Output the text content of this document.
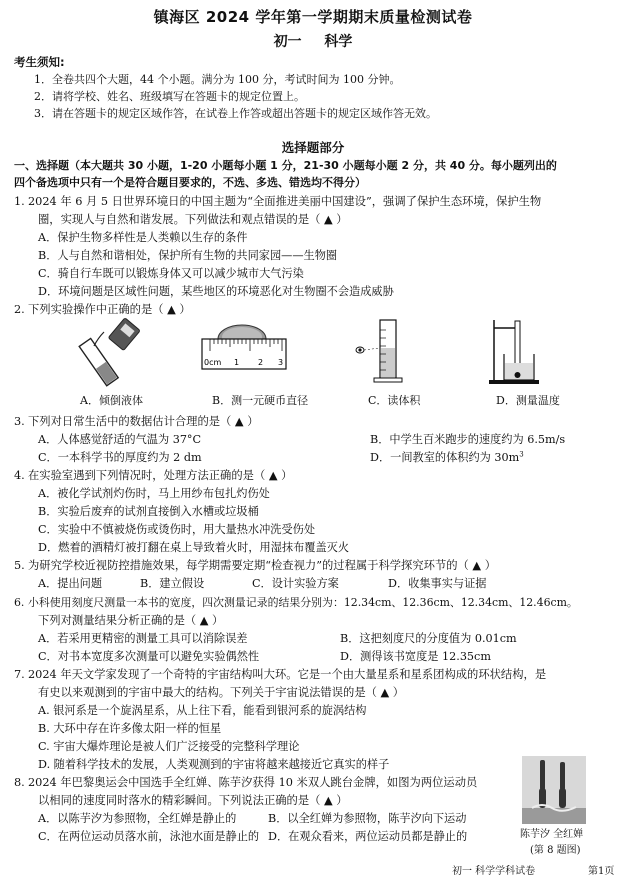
镇海区 2024 学年第一学期期末质量检测试卷
初一 科学
考生须知:
1．全卷共四个大题，44 个小题。满分为 100 分，考试时间为 100 分钟。
2．请将学校、姓名、班级填写在答题卡的规定位置上。
3．请在答题卡的规定区域作答，在试卷上作答或超出答题卡的规定区域作答无效。
选择题部分
一、选择题（本大题共 30 小题，1-20 小题每小题 1 分，21-30 小题每小题 2 分，共 40 分。每小题列出的
四个备选项中只有一个是符合题目要求的，不选、多选、错选均不得分）
1. 2024 年 6 月 5 日世界环境日的中国主题为“全面推进美丽中国建设”，强调了保护生态环境，保护生物
圈，实现人与自然和谐发展。下列做法和观点错误的是（ ▲ ）
A．保护生物多样性是人类赖以生存的条件
B．人与自然和谐相处，保护所有生物的共同家园——生物圈
C．骑自行车既可以锻炼身体又可以减少城市大气污染
D．环境问题是区域性问题，某些地区的环境恶化对生物圈不会造成威胁
2. 下列实验操作中正确的是（ ▲ ）
A．倾倒液体
0cm 1 2 3
B．测一元硬币直径	C．读体积	D．测量温度
3. 下列对日常生活中的数据估计合理的是（ ▲ ）
A．人体感觉舒适的气温为 37°C	B．中学生百米跑步的速度约为 6.5m/s
C．一本科学书的厚度约为 2 dm	D．一间教室的体积约为 $30m^3$
4. 在实验室遇到下列情况时，处理方法正确的是（ ▲ ）
A．被化学试剂灼伤时，马上用纱布包扎灼伤处
B．实验后废弃的试剂直接倒入水槽或垃圾桶
C．实验中不慎被烧伤或烫伤时，用大量热水冲洗受伤处
D．燃着的酒精灯被打翻在桌上导致着火时，用湿抹布覆盖灭火
5. 为研究学校近视防控措施效果，每学期需要定期“检查视力”的过程属于科学探究环节的（ ▲ ）
A．提出问题	B．建立假设	C．设计实验方案	D．收集事实与证据
6. 小科使用刻度尺测量一本书的宽度，四次测量记录的结果分别为：12.34cm、12.36cm、12.34cm、12.46cm。
下列对测量结果分析正确的是（ ▲ ）
A．若采用更精密的测量工具可以消除误差	B．这把刻度尺的分度值为 0.01cm
C．对书本宽度多次测量可以避免实验偶然性	D．测得该书宽度是 12.35cm
7. 2024 年天文学家发现了一个奇特的宇宙结构叫大环。它是一个由大量星系和星系团构成的环状结构，是
有史以来观测到的宇宙中最大的结构。下列关于宇宙说法错误的是（ ▲ ）
A. 银河系是一个旋涡星系，从上往下看，能看到银河系的旋涡结构
B. 大环中存在许多像太阳一样的恒星
C. 宇宙大爆炸理论是被人们广泛接受的完整科学理论
D. 随着科学技术的发展，人类观测到的宇宙将越来越接近它真实的样子
8. 2024 年巴黎奥运会中国选手全红婵、陈芋汐获得 10 米双人跳台金牌，如图为两位运动员
以相同的速度同时落水的精彩瞬间。下列说法正确的是（ ▲ ）
A．以陈芋汐为参照物，全红婵是静止的	B．以全红婵为参照物，陈芋汐向下运动
C．在两位运动员落水前，泳池水面是静止的 D．在观众看来，两位运动员都是静止的	陈芋汐 全红婵
(第 8 题图)
初一 科学学科试卷	第1页
